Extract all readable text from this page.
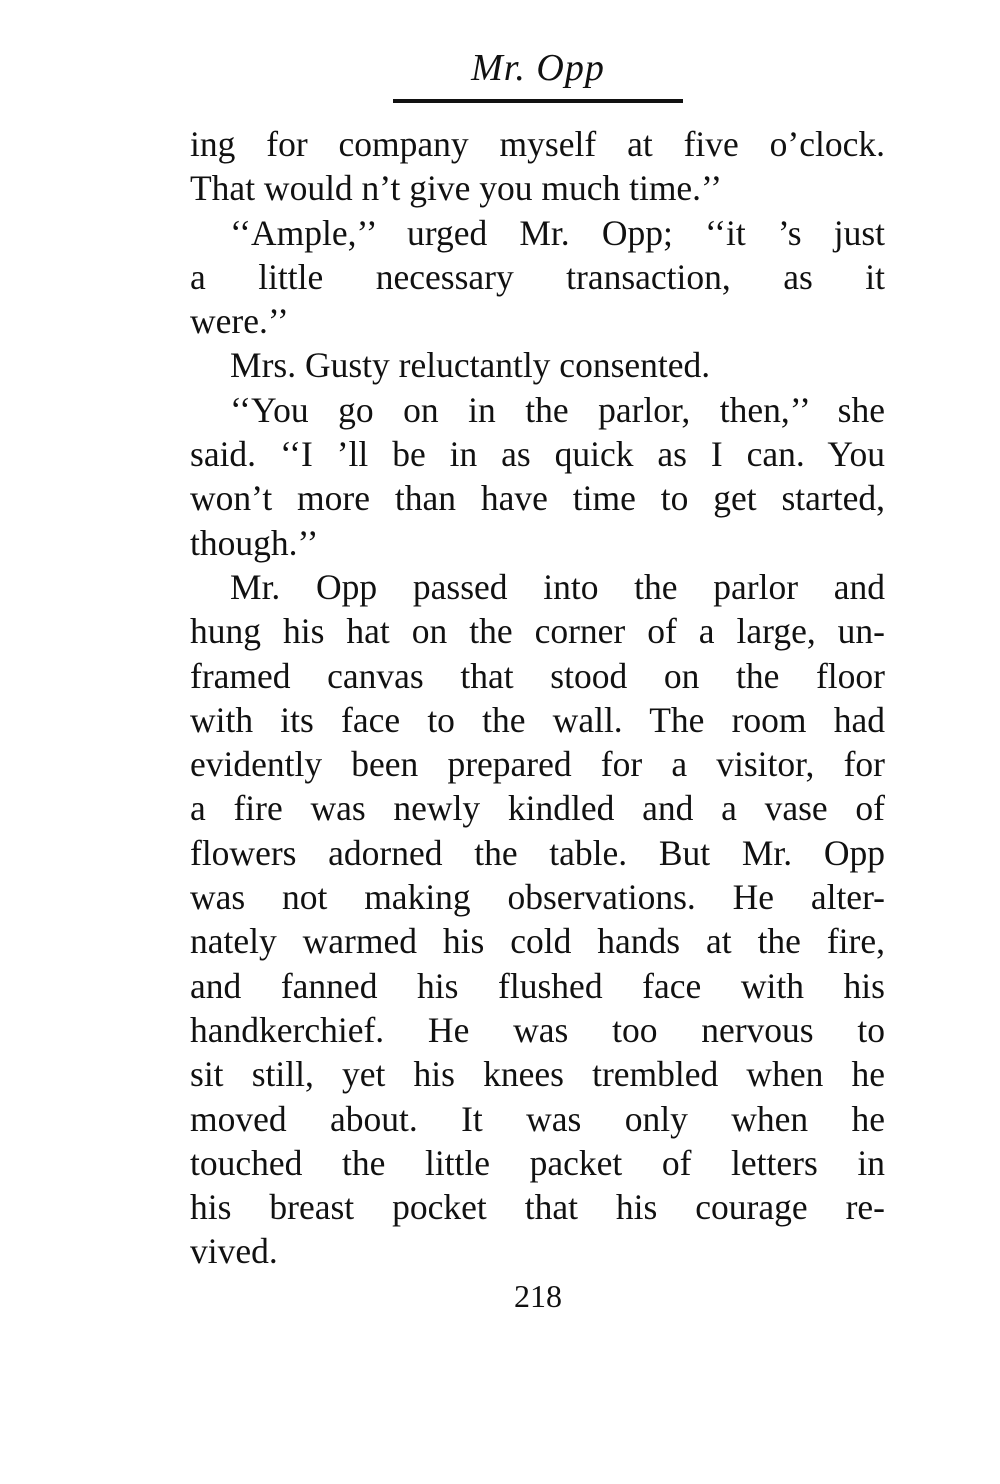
Mr. Opp
ing for company myself at five o’clock.
That would n’t give you much time.’’
‘‘Ample,’’ urged Mr. Opp; ‘‘it ’s just
a little necessary transaction, as it
were.’’
Mrs. Gusty reluctantly consented.
‘‘You go on in the parlor, then,’’ she
said. ‘‘I ’ll be in as quick as I can. You
won’t more than have time to get started,
though.’’
Mr. Opp passed into the parlor and
hung his hat on the corner of a large, un-
framed canvas that stood on the floor
with its face to the wall. The room had
evidently been prepared for a visitor, for
a fire was newly kindled and a vase of
flowers adorned the table. But Mr. Opp
was not making observations. He alter-
nately warmed his cold hands at the fire,
and fanned his flushed face with his
handkerchief. He was too nervous to
sit still, yet his knees trembled when he
moved about. It was only when he
touched the little packet of letters in
his breast pocket that his courage re-
vived.
218
